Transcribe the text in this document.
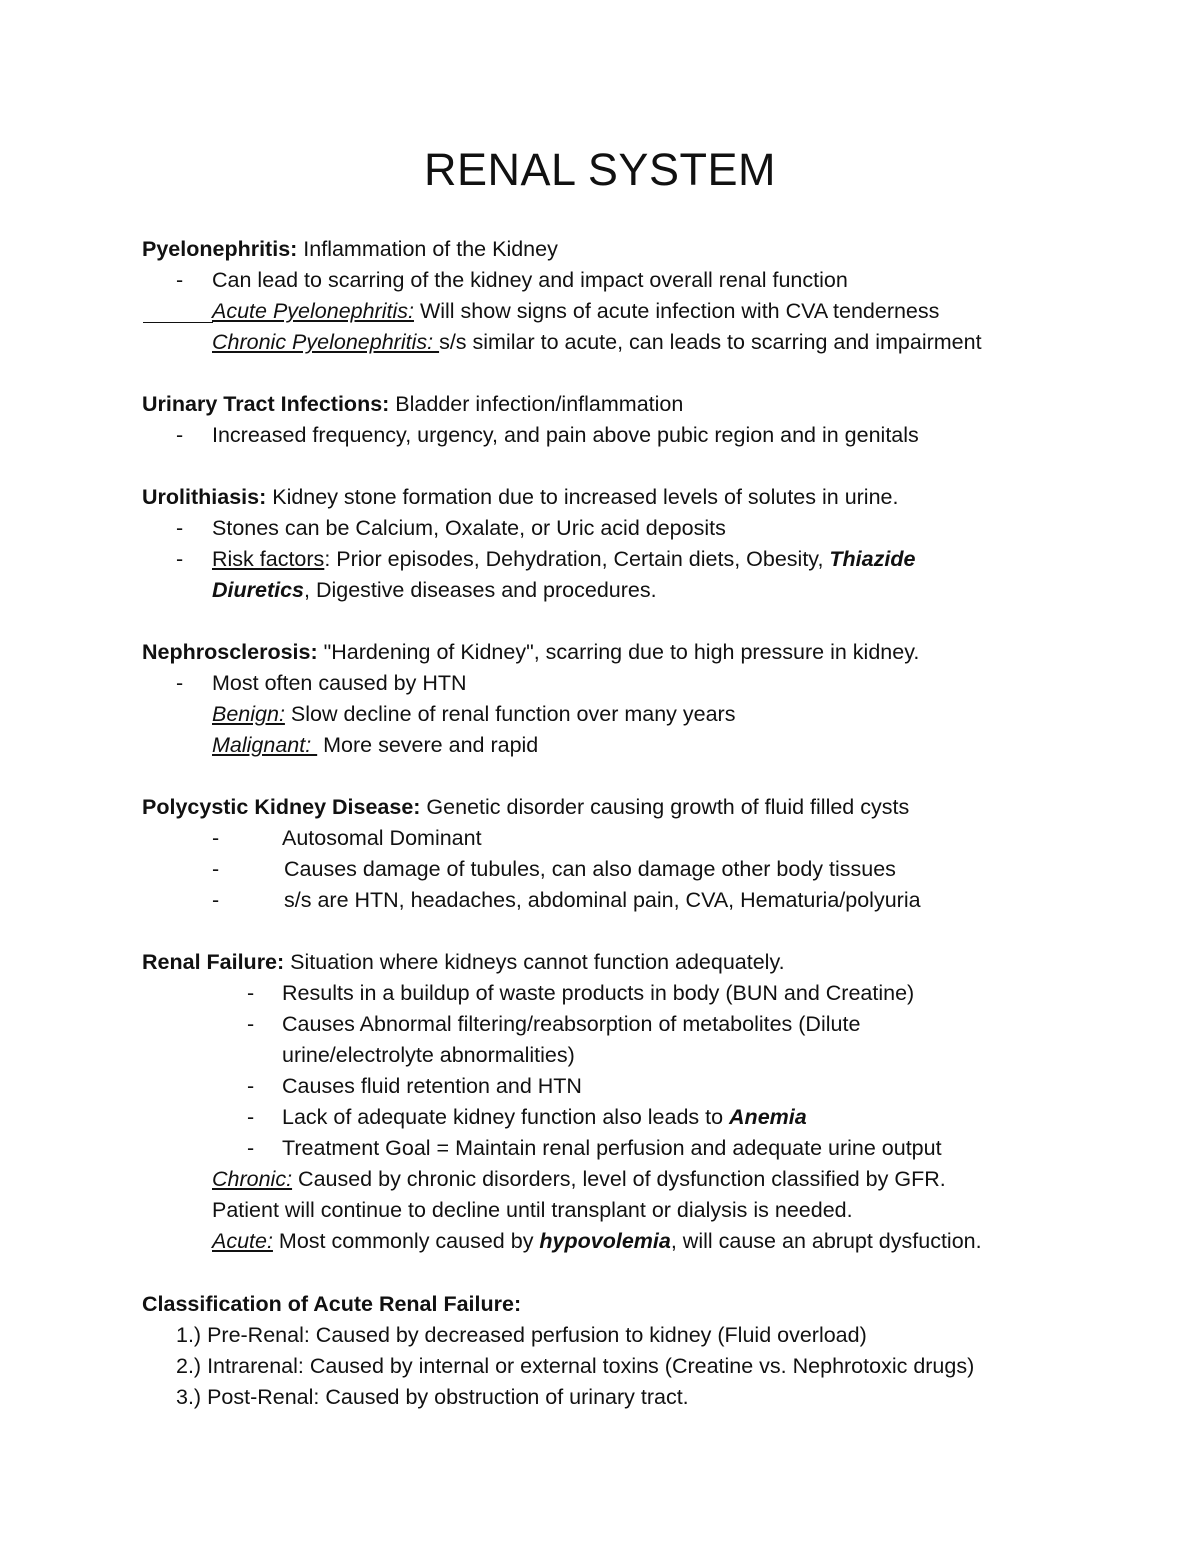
RENAL SYSTEM
Pyelonephritis: Inflammation of the Kidney
- Can lead to scarring of the kidney and impact overall renal function
Acute Pyelonephritis: Will show signs of acute infection with CVA tenderness
Chronic Pyelonephritis: s/s similar to acute, can leads to scarring and impairment
Urinary Tract Infections: Bladder infection/inflammation
- Increased frequency, urgency, and pain above pubic region and in genitals
Urolithiasis: Kidney stone formation due to increased levels of solutes in urine.
- Stones can be Calcium, Oxalate, or Uric acid deposits
- Risk factors: Prior episodes, Dehydration, Certain diets, Obesity, Thiazide
Diuretics, Digestive diseases and procedures.
Nephrosclerosis: "Hardening of Kidney", scarring due to high pressure in kidney.
- Most often caused by HTN
Benign: Slow decline of renal function over many years
Malignant:  More severe and rapid
Polycystic Kidney Disease: Genetic disorder causing growth of fluid filled cysts
-	Autosomal Dominant
-	Causes damage of tubules, can also damage other body tissues
-	s/s are HTN, headaches, abdominal pain, CVA, Hematuria/polyuria
Renal Failure: Situation where kidneys cannot function adequately.
- Results in a buildup of waste products in body (BUN and Creatine)
- Causes Abnormal filtering/reabsorption of metabolites (Dilute
urine/electrolyte abnormalities)
- Causes fluid retention and HTN
- Lack of adequate kidney function also leads to Anemia
- Treatment Goal = Maintain renal perfusion and adequate urine output
Chronic: Caused by chronic disorders, level of dysfunction classified by GFR.
Patient will continue to decline until transplant or dialysis is needed.
Acute: Most commonly caused by hypovolemia, will cause an abrupt dysfuction.
Classification of Acute Renal Failure:
1.) Pre-Renal: Caused by decreased perfusion to kidney (Fluid overload)
2.) Intrarenal: Caused by internal or external toxins (Creatine vs. Nephrotoxic drugs)
3.) Post-Renal: Caused by obstruction of urinary tract.
